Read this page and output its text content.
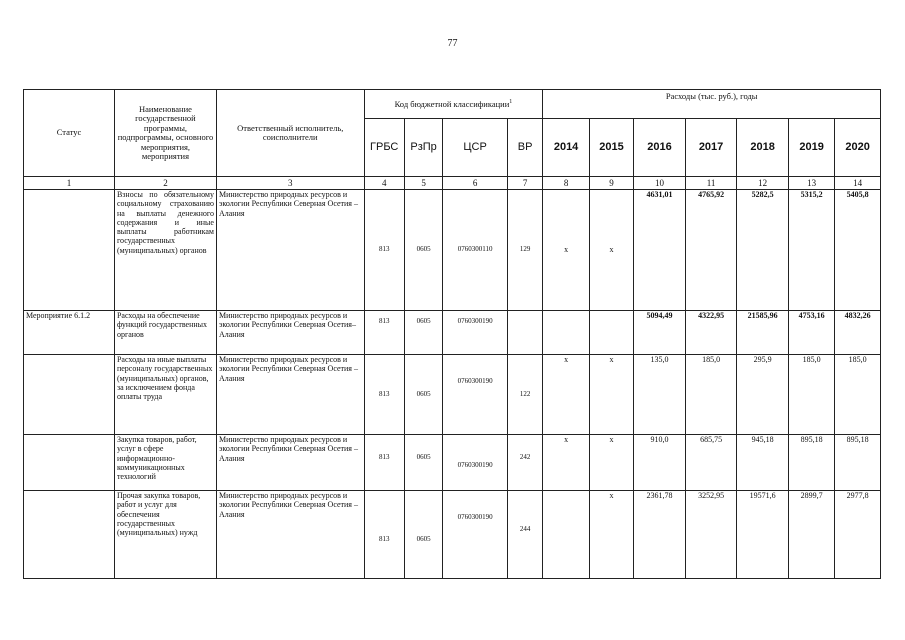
77
Статус	Наименование государственной программы, подпрограммы, основного мероприятия, мероприятия	Ответственный исполнитель, соисполнители	Код бюджетной классификации$^1$				Расходы (тыс. руб.), годы						
			ГРБС	РзПр	ЦСР	ВР	2014	2015	2016	2017	2018	2019	2020
1	2	3	4	5	6	7	8	9	10	11	12	13	14
	Взносы по обязательному социальному страхованию на выплаты денежного содержания и иные выплаты работникам государственных (муниципальных) органов	Министерство природных ресурсов и экологии Республики Северная Осетия – Алания	813	0605	0760300110	129	х	х	4631,01	4765,92	5282,5	5315,2	5405,8
Мероприятие 6.1.2	Расходы на обеспечение функций государственных органов	Министерство природных ресурсов и экологии Республики Северная Осетия–Алания	813	0605	0760300190				5094,49	4322,95	21585,96	4753,16	4832,26
	Расходы на иные выплаты персоналу государственных (муниципальных) органов, за исключением фонда оплаты труда	Министерство природных ресурсов и экологии Республики Северная Осетия – Алания	813	0605	0760300190	122	х	х	135,0	185,0	295,9	185,0	185,0
	Закупка товаров, работ, услуг в сфере информационно-коммуникационных технологий	Министерство природных ресурсов и экологии Республики Северная Осетия – Алания	813	0605	0760300190	242	х	х	910,0	685,75	945,18	895,18	895,18
	Прочая закупка товаров, работ и услуг для обеспечения государственных (муниципальных) нужд	Министерство природных ресурсов и экологии Республики Северная Осетия – Алания	813	0605	0760300190	244		х	2361,78	3252,95	19571,6	2899,7	2977,8
